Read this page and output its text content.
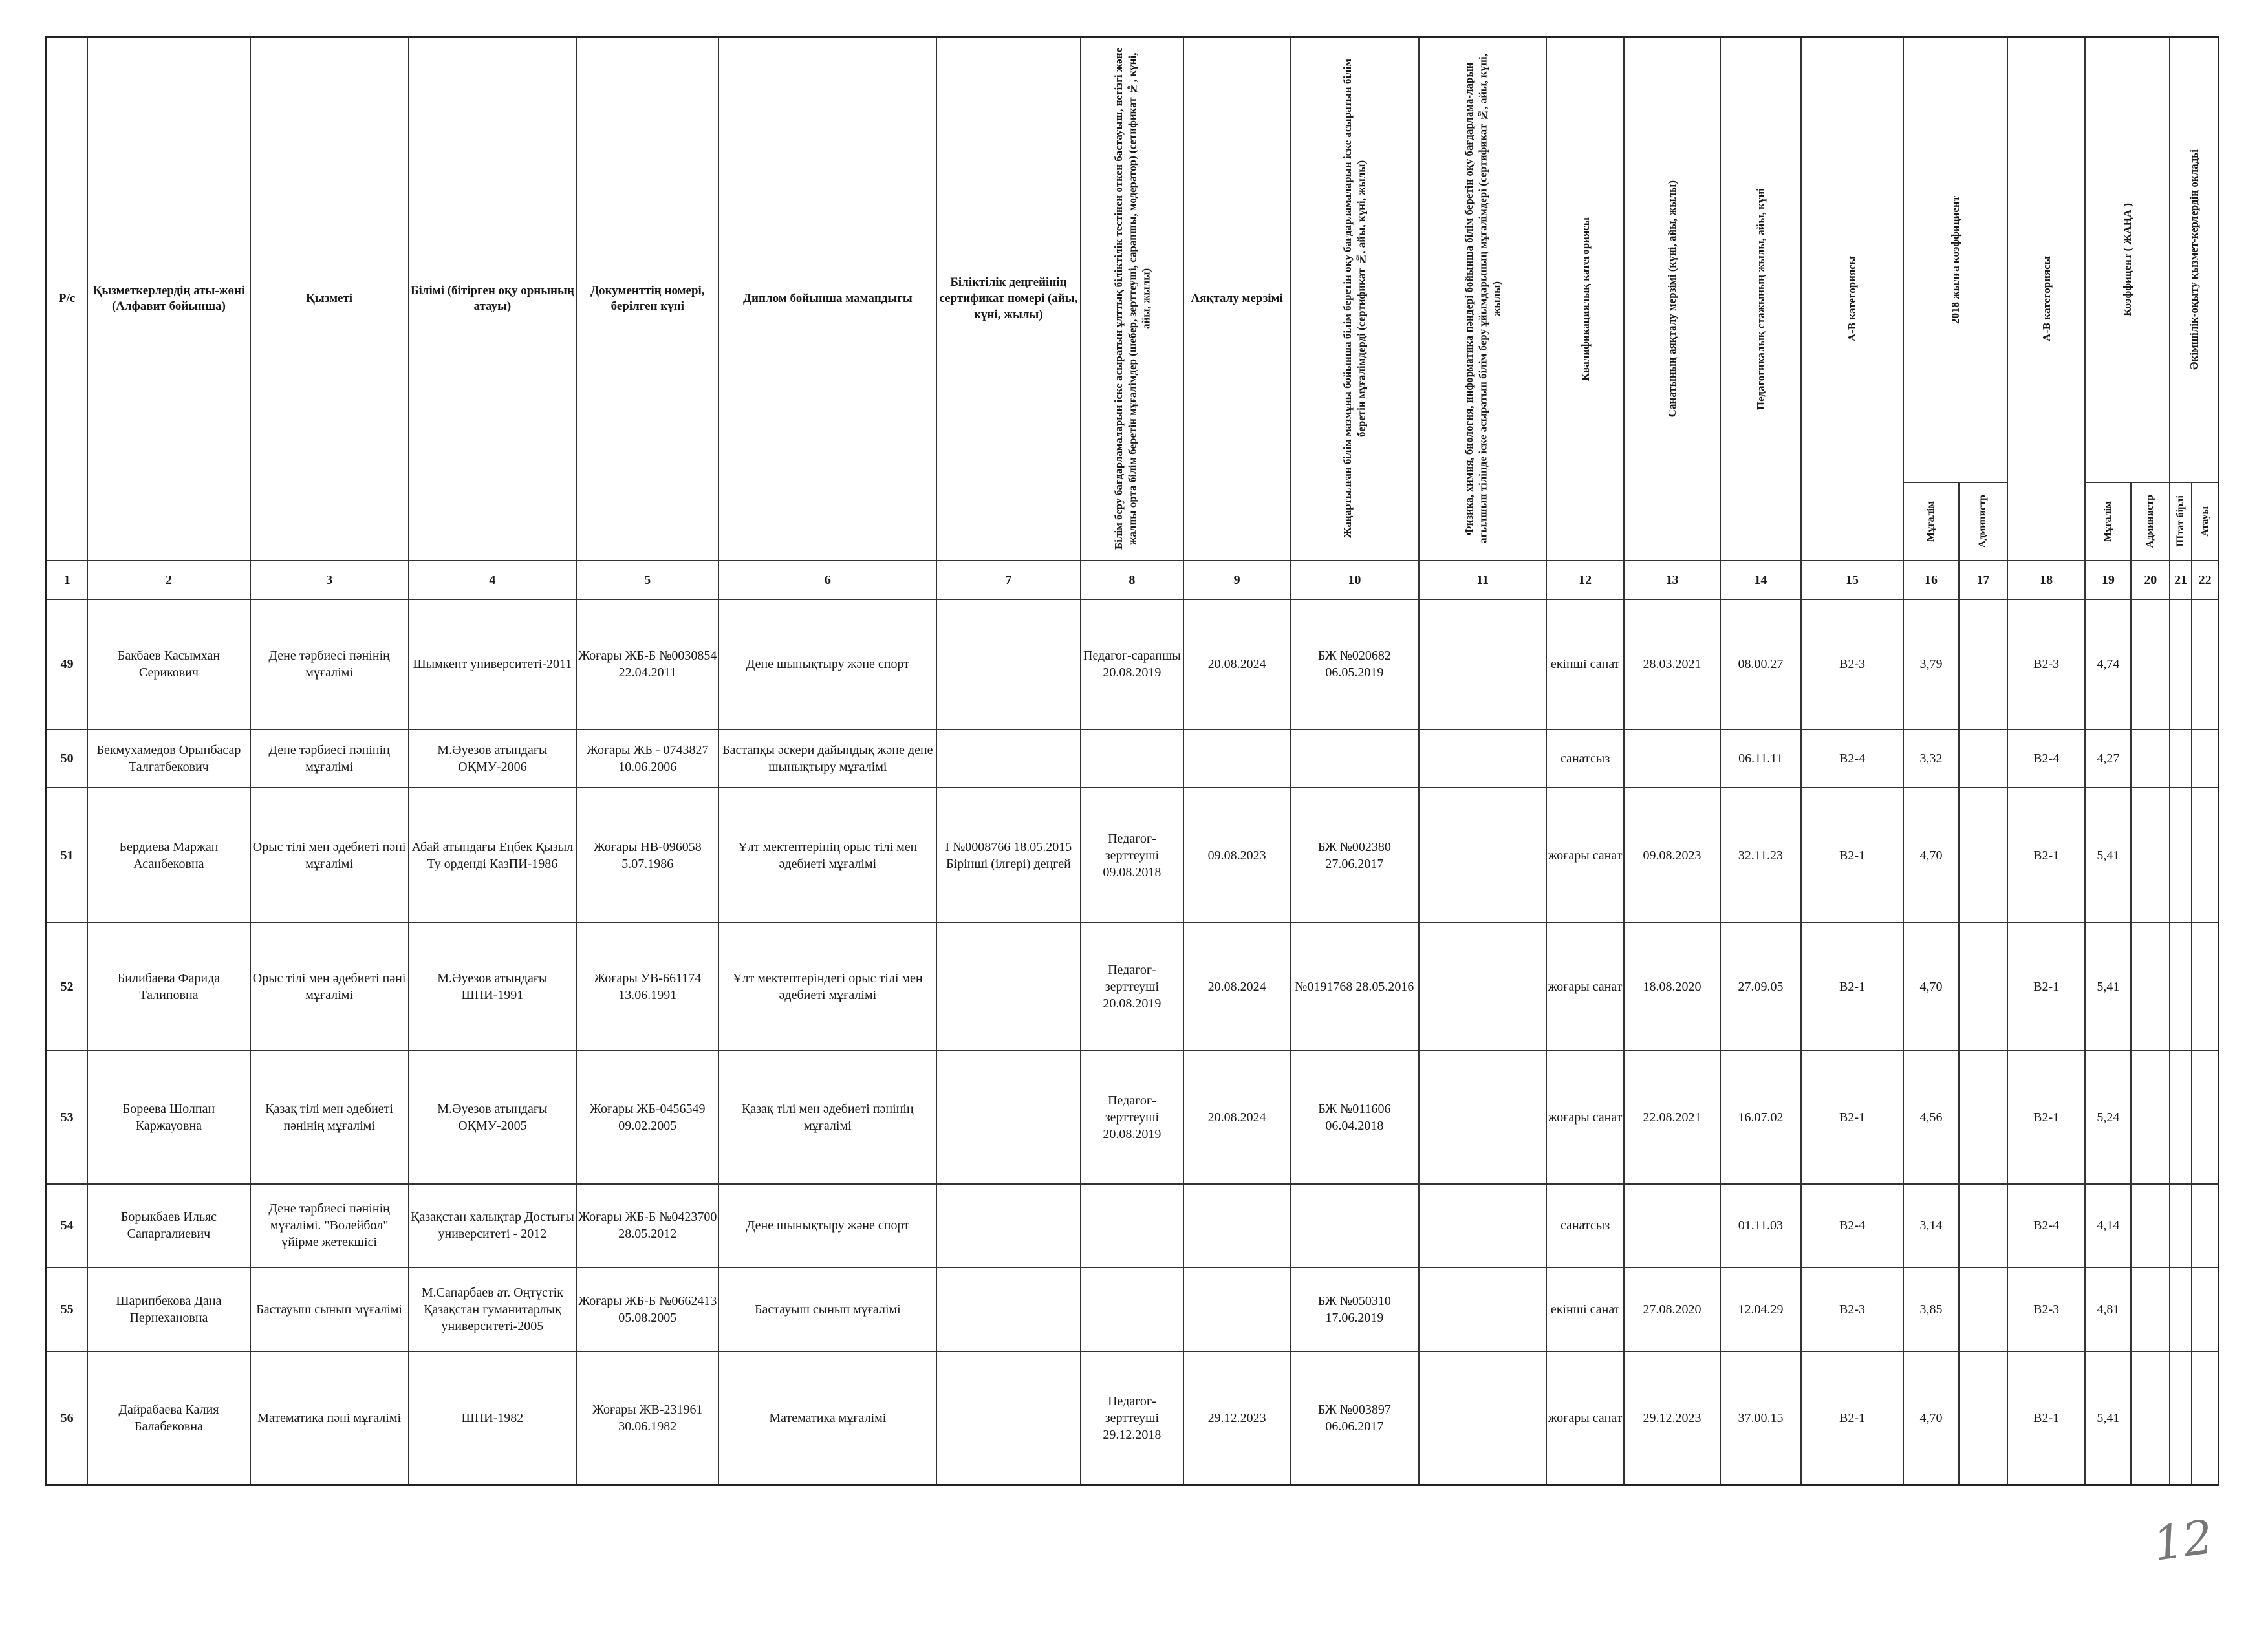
Р/с	Қызметкерлердің аты-жөні (Алфавит бойынша)	Қызметі	Білімі (бітірген оқу орнының атауы)	Документтің номері, берілген күні	Диплом бойынша мамандығы	Біліктілік деңгейінің сертификат номері (айы, күні, жылы)	Білім беру бағдарламаларын іске асыратын ұлттық біліктілік тестінен өткен бастауыш, негізгі және жалпы орта білім беретін мұғалімдер (шебер, зерттеуші, сарапшы, модератор) (сетификат №, күні, айы, жылы)	Аяқталу мерзімі	Жаңартылған білім мазмұны бойынша білім беретін оқу бағдарламаларын іске асыратын білім беретін мұғалімдерді (сертификат №, айы, күні, жылы)	Физика, химия, биология, информатика пәндері бойынша білім беретін оқу бағдарлама-ларын ағылшын тілінде іске асыратын білім беру ұйымдарының мұғалімдері (сертификат №, айы, күні, жылы)	Квалификациялық категориясы	Санатының аяқталу мерзімі (күні, айы, жылы)	Педагогикалық стажының жылы, айы, күні	А-В категориясы	2018 жылға коэффициент		А-В категориясы	Коэффицент ( ЖАҢА )		Әкімшілік-оқыту қызмет-керлердің окладьі	

															Мұғалім	Администр		Мұғалім	Администр	Штат бірлі	Атауы

1	2	3	4	5	6	7	8	9	10	11	12	13	14	15	16	17	18	19	20	21	22
49	Бакбаев Касымхан Серикович	Дене тәрбиесі пәнінің мұғалімі	Шымкент университеті-2011	Жоғары ЖБ-Б №0030854 22.04.2011	Дене шынықтыру және спорт		Педагог-сарапшы 20.08.2019	20.08.2024	БЖ №020682 06.05.2019		екінші санат	28.03.2021	08.00.27	B2-3	3,79		B2-3	4,74			
50	Бекмухамедов Орынбасар Талгатбекович	Дене тәрбиесі пәнінің мұғалімі	М.Әуезов атындағы ОҚМУ-2006	Жоғары ЖБ - 0743827 10.06.2006	Бастапқы әскери дайындық және дене шынықтыру мұғалімі						санатсыз		06.11.11	B2-4	3,32		B2-4	4,27			
51	Бердиева Маржан Асанбековна	Орыс тілі мен әдебиеті пәні мұғалімі	Абай атындағы Еңбек Қызыл Ту орденді КазПИ-1986	Жоғары НВ-096058 5.07.1986	Ұлт мектептерінің орыс тілі мен әдебиеті мұғалімі	I №0008766 18.05.2015 Бірінші (ілгері) деңгей	Педагог-зерттеуші 09.08.2018	09.08.2023	БЖ №002380 27.06.2017		жоғары санат	09.08.2023	32.11.23	B2-1	4,70		B2-1	5,41			
52	Билибаева Фарида Талиповна	Орыс тілі мен әдебиеті пәні мұғалімі	М.Әуезов атындағы ШПИ-1991	Жоғары УВ-661174 13.06.1991	Ұлт мектептеріндегі орыс тілі мен әдебиеті мұғалімі		Педагог-зерттеуші 20.08.2019	20.08.2024	№0191768 28.05.2016		жоғары санат	18.08.2020	27.09.05	B2-1	4,70		B2-1	5,41			
53	Бореева Шолпан Каржауовна	Қазақ тілі мен әдебиеті пәнінің мұғалімі	М.Әуезов атындағы ОҚМУ-2005	Жоғары ЖБ-0456549 09.02.2005	Қазақ тілі мен әдебиеті пәнінің мұғалімі		Педагог-зерттеуші 20.08.2019	20.08.2024	БЖ №011606 06.04.2018		жоғары санат	22.08.2021	16.07.02	B2-1	4,56		B2-1	5,24			
54	Борыкбаев Ильяс Сапаргалиевич	Дене тәрбиесі пәнінің мұғалімі. "Волейбол" үйірме жетекшісі	Қазақстан халықтар Достығы университеті - 2012	Жоғары ЖБ-Б №0423700 28.05.2012	Дене шынықтыру және спорт						санатсыз		01.11.03	B2-4	3,14		B2-4	4,14			
55	Шарипбекова Дана Пернехановна	Бастауыш сынып мұғалімі	М.Сапарбаев ат. Оңтүстік Қазақстан гуманитарлық университеті-2005	Жоғары ЖБ-Б №0662413 05.08.2005	Бастауыш сынып мұғалімі				БЖ №050310 17.06.2019		екінші санат	27.08.2020	12.04.29	B2-3	3,85		B2-3	4,81			
56	Дайрабаева Калия Балабековна	Математика пәні мұғалімі	ШПИ-1982	Жоғары ЖВ-231961 30.06.1982	Математика мұғалімі		Педагог-зерттеуші 29.12.2018	29.12.2023	БЖ №003897 06.06.2017		жоғары санат	29.12.2023	37.00.15	B2-1	4,70		B2-1	5,41			
12
